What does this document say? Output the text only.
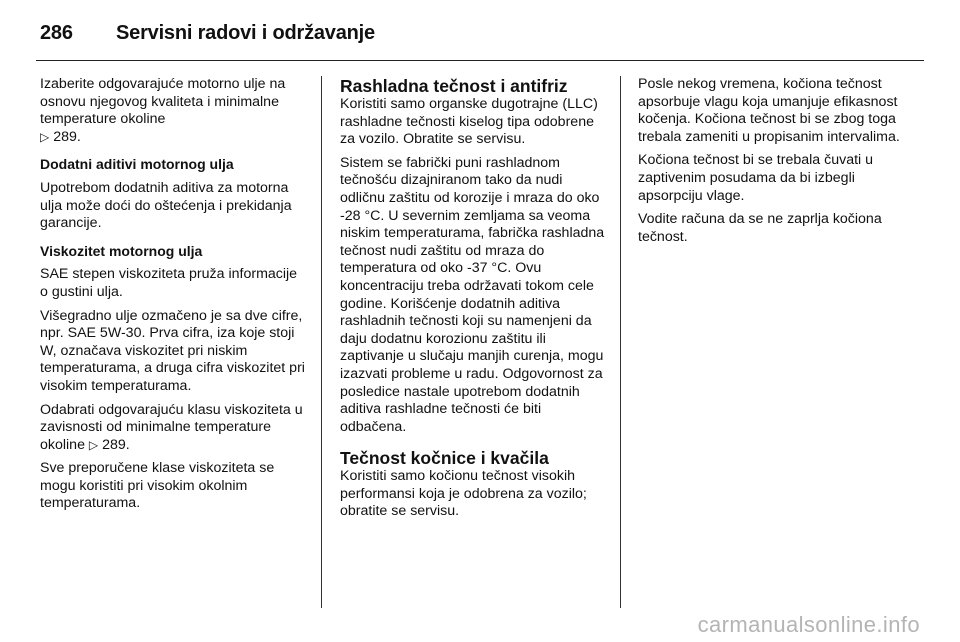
286 Servisni radovi i održavanje

Izaberite odgovarajuće motorno ulje na osnovu njegovog kvaliteta i minimalne temperature okoline
▷ 289.

Dodatni aditivi motornog ulja

Upotrebom dodatnih aditiva za motorna ulja može doći do oštećenja i prekidanja garancije.

Viskozitet motornog ulja

SAE stepen viskoziteta pruža informacije o gustini ulja.

Višegradno ulje ozmačeno je sa dve cifre, npr. SAE 5W-30. Prva cifra, iza koje stoji W, označava viskozitet pri niskim temperaturama, a druga cifra viskozitet pri visokim temperaturama.

Odabrati odgovarajuću klasu viskoziteta u zavisnosti od minimalne temperature okoline ▷ 289.

Sve preporučene klase viskoziteta se mogu koristiti pri visokim okolnim temperaturama.

Rashladna tečnost i antifriz

Koristiti samo organske dugotrajne (LLC) rashladne tečnosti kiselog tipa odobrene za vozilo. Obratite se servisu.

Sistem se fabrički puni rashladnom tečnošću dizajniranom tako da nudi odličnu zaštitu od korozije i mraza do oko -28 °C. U severnim zemljama sa veoma niskim temperaturama, fabrička rashladna tečnost nudi zaštitu od mraza do temperatura od oko -37 °C. Ovu koncentraciju treba održavati tokom cele godine. Korišćenje dodatnih aditiva rashladnih tečnosti koji su namenjeni da daju dodatnu korozionu zaštitu ili zaptivanje u slučaju manjih curenja, mogu izazvati probleme u radu. Odgovornost za posledice nastale upotrebom dodatnih aditiva rashladne tečnosti će biti odbačena.

Tečnost kočnice i kvačila

Koristiti samo kočionu tečnost visokih performansi koja je odobrena za vozilo; obratite se servisu.

Posle nekog vremena, kočiona tečnost apsorbuje vlagu koja umanjuje efikasnost kočenja. Kočiona tečnost bi se zbog toga trebala zameniti u propisanim intervalima.

Kočiona tečnost bi se trebala čuvati u zaptivenim posudama da bi izbegli apsorpciju vlage.

Vodite računa da se ne zaprlja kočiona tečnost.

carmanualsonline.info
